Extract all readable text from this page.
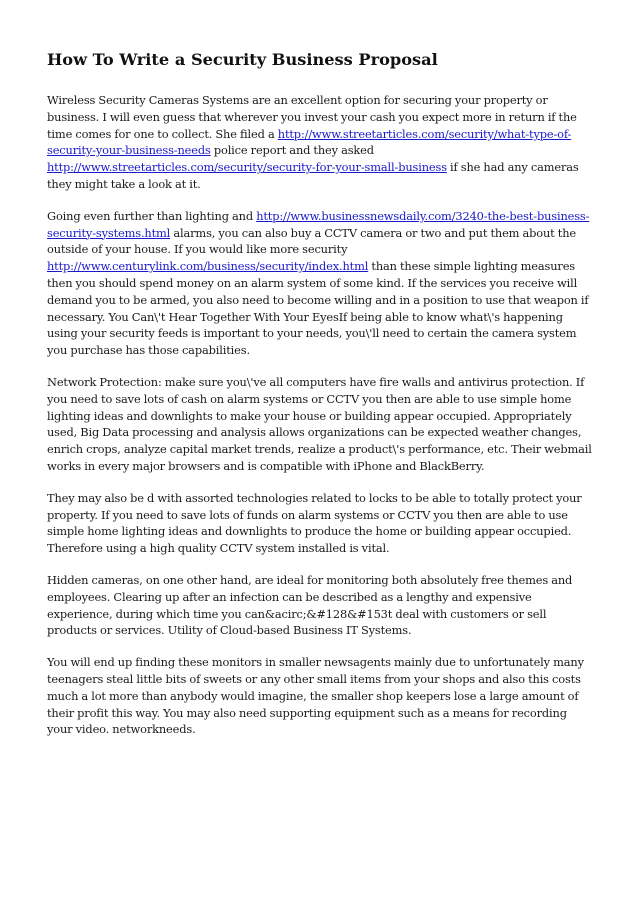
How To Write a Security Business Proposal

Wireless Security Cameras Systems are an excellent option for securing your property or business. I will even guess that wherever you invest your cash you expect more in return if the time comes for one to collect. She filed a http://www.streetarticles.com/security/what-type-of-security-your-business-needs police report and they asked http://www.streetarticles.com/security/security-for-your-small-business if she had any cameras they might take a look at it.

Going even further than lighting and http://www.businessnewsdaily.com/3240-the-best-business-security-systems.html alarms, you can also buy a CCTV camera or two and put them about the outside of your house. If you would like more security http://www.centurylink.com/business/security/index.html than these simple lighting measures then you should spend money on an alarm system of some kind. If the services you receive will demand you to be armed, you also need to become willing and in a position to use that weapon if necessary. You Can\'t Hear Together With Your EyesIf being able to know what\'s happening using your security feeds is important to your needs, you\'ll need to certain the camera system you purchase has those capabilities.

Network Protection: make sure you\'ve all computers have fire walls and antivirus protection. If you need to save lots of cash on alarm systems or CCTV you then are able to use simple home lighting ideas and downlights to make your house or building appear occupied. Appropriately used, Big Data processing and analysis allows organizations can be expected weather changes, enrich crops, analyze capital market trends, realize a product\'s performance, etc. Their webmail works in every major browsers and is compatible with iPhone and BlackBerry.

They may also be d with assorted technologies related to locks to be able to totally protect your property. If you need to save lots of funds on alarm systems or CCTV you then are able to use simple home lighting ideas and downlights to produce the home or building appear occupied. Therefore using a high quality CCTV system installed is vital.

Hidden cameras, on one other hand, are ideal for monitoring both absolutely free themes and employees. Clearing up after an infection can be described as a lengthy and expensive experience, during which time you can&acirc;&#128&#153t deal with customers or sell products or services. Utility of Cloud-based Business IT Systems.

You will end up finding these monitors in smaller newsagents mainly due to unfortunately many teenagers steal little bits of sweets or any other small items from your shops and also this costs much a lot more than anybody would imagine, the smaller shop keepers lose a large amount of their profit this way. You may also need supporting equipment such as a means for recording your video. networkneeds.
